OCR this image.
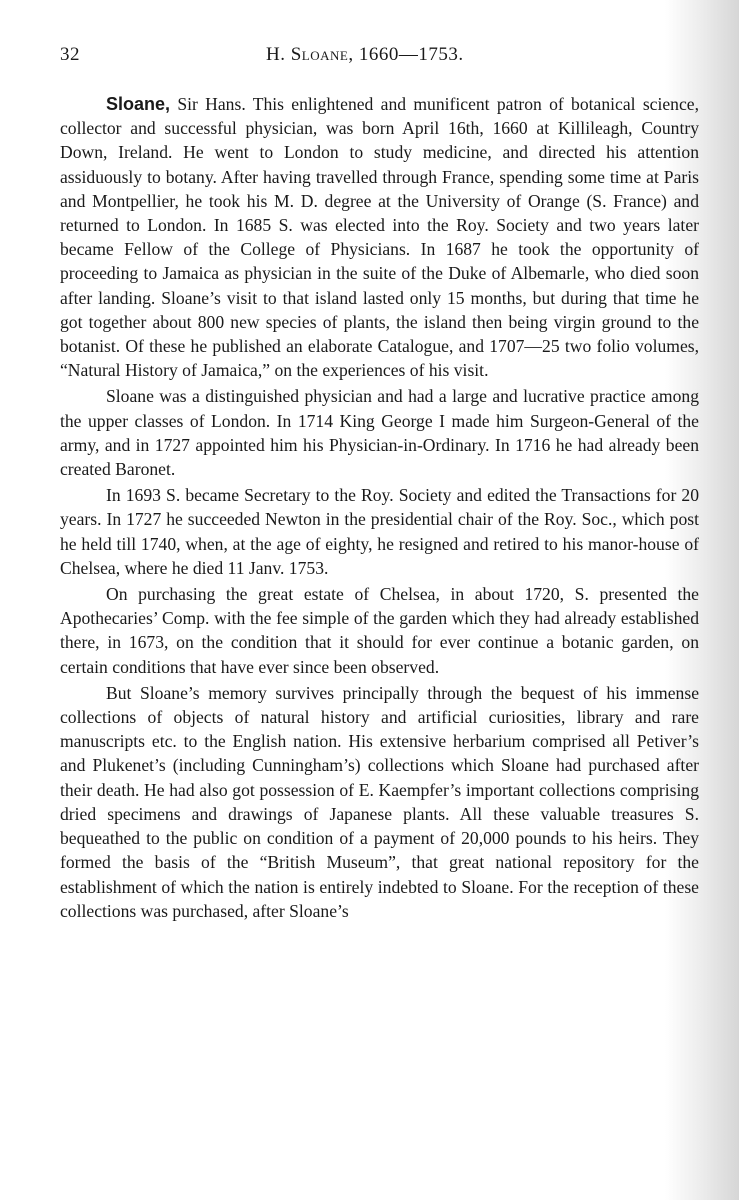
32	H. Sloane, 1660—1753.

Sloane, Sir Hans. This enlightened and munificent patron of botanical science, collector and successful physician, was born April 16th, 1660 at Killileagh, Country Down, Ireland. He went to London to study medicine, and directed his attention assiduously to botany. After having travelled through France, spending some time at Paris and Montpellier, he took his M. D. degree at the University of Orange (S. France) and returned to London. In 1685 S. was elected into the Roy. Society and two years later became Fellow of the College of Physicians. In 1687 he took the opportunity of proceeding to Jamaica as physician in the suite of the Duke of Albemarle, who died soon after landing. Sloane’s visit to that island lasted only 15 months, but during that time he got together about 800 new species of plants, the island then being virgin ground to the botanist. Of these he published an elaborate Catalogue, and 1707—25 two folio volumes, “Natural History of Jamaica,” on the experiences of his visit.

Sloane was a distinguished physician and had a large and lucrative practice among the upper classes of London. In 1714 King George I made him Surgeon-General of the army, and in 1727 appointed him his Physician-in-Ordinary. In 1716 he had already been created Baronet.

In 1693 S. became Secretary to the Roy. Society and edited the Transactions for 20 years. In 1727 he succeeded Newton in the presidential chair of the Roy. Soc., which post he held till 1740, when, at the age of eighty, he resigned and retired to his manor-house of Chelsea, where he died 11 Janv. 1753.

On purchasing the great estate of Chelsea, in about 1720, S. presented the Apothecaries’ Comp. with the fee simple of the garden which they had already established there, in 1673, on the condition that it should for ever continue a botanic garden, on certain conditions that have ever since been observed.

But Sloane’s memory survives principally through the bequest of his immense collections of objects of natural history and artificial curiosities, library and rare manuscripts etc. to the English nation. His extensive herbarium comprised all Petiver’s and Plukenet’s (including Cunningham’s) collections which Sloane had purchased after their death. He had also got possession of E. Kaempfer’s important collections comprising dried specimens and drawings of Japanese plants. All these valuable treasures S. bequeathed to the public on condition of a payment of 20,000 pounds to his heirs. They formed the basis of the “British Museum”, that great national repository for the establishment of which the nation is entirely indebted to Sloane. For the reception of these collections was purchased, after Sloane’s
